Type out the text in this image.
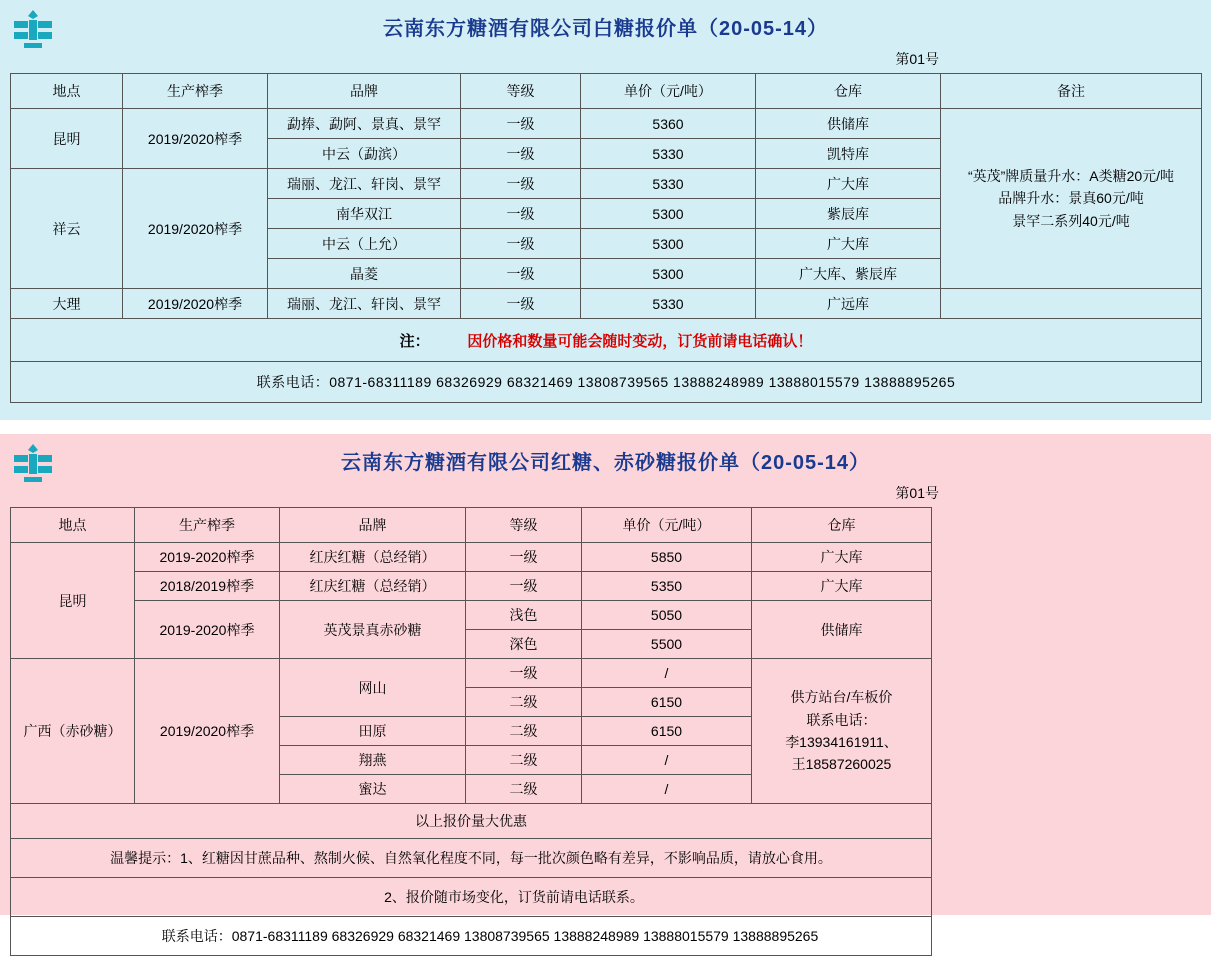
云南东方糖酒有限公司白糖报价单（20-05-14）
第01号
地点	生产榨季	品牌	等级	单价（元/吨）	仓库	备注
昆明	2019/2020榨季	勐捧、勐阿、景真、景罕	一级	5360	供储库	“英茂”牌质量升水：A类糖20元/吨
品牌升水：景真60元/吨
景罕二系列40元/吨

		中云（勐滨）	一级	5330	凯特库	
祥云	2019/2020榨季	瑞丽、龙江、轩岗、景罕	一级	5330	广大库	
		南华双江	一级	5300	紫辰库	
		中云（上允）	一级	5300	广大库	
		晶菱	一级	5300	广大库、紫辰库	
大理	2019/2020榨季	瑞丽、龙江、轩岗、景罕	一级	5330	广远库	
注： 因价格和数量可能会随时变动，订货前请电话确认！						
联系电话：0871-68311189 68326929 68321469 13808739565 13888248989 13888015579 13888895265						
云南东方糖酒有限公司红糖、赤砂糖报价单（20-05-14）
第01号
地点	生产榨季	品牌	等级	单价（元/吨）	仓库
昆明	2019-2020榨季	红庆红糖（总经销）	一级	5850	广大库
	2018/2019榨季	红庆红糖（总经销）	一级	5350	广大库
	2019-2020榨季	英茂景真赤砂糖	浅色	5050	供储库
			深色	5500	
广西（赤砂糖）	2019/2020榨季	网山	一级	/	供方站台/车板价
联系电话：
李13934161911、
王18587260025

			二级	6150	
		田原	二级	6150	
		翔燕	二级	/	
		蜜达	二级	/	
以上报价量大优惠					
温馨提示：1、红糖因甘蔗品种、熬制火候、自然氧化程度不同，每一批次颜色略有差异，不影响品质，请放心食用。					
2、报价随市场变化，订货前请电话联系。					
联系电话：0871-68311189 68326929 68321469 13808739565 13888248989 13888015579 13888895265					
